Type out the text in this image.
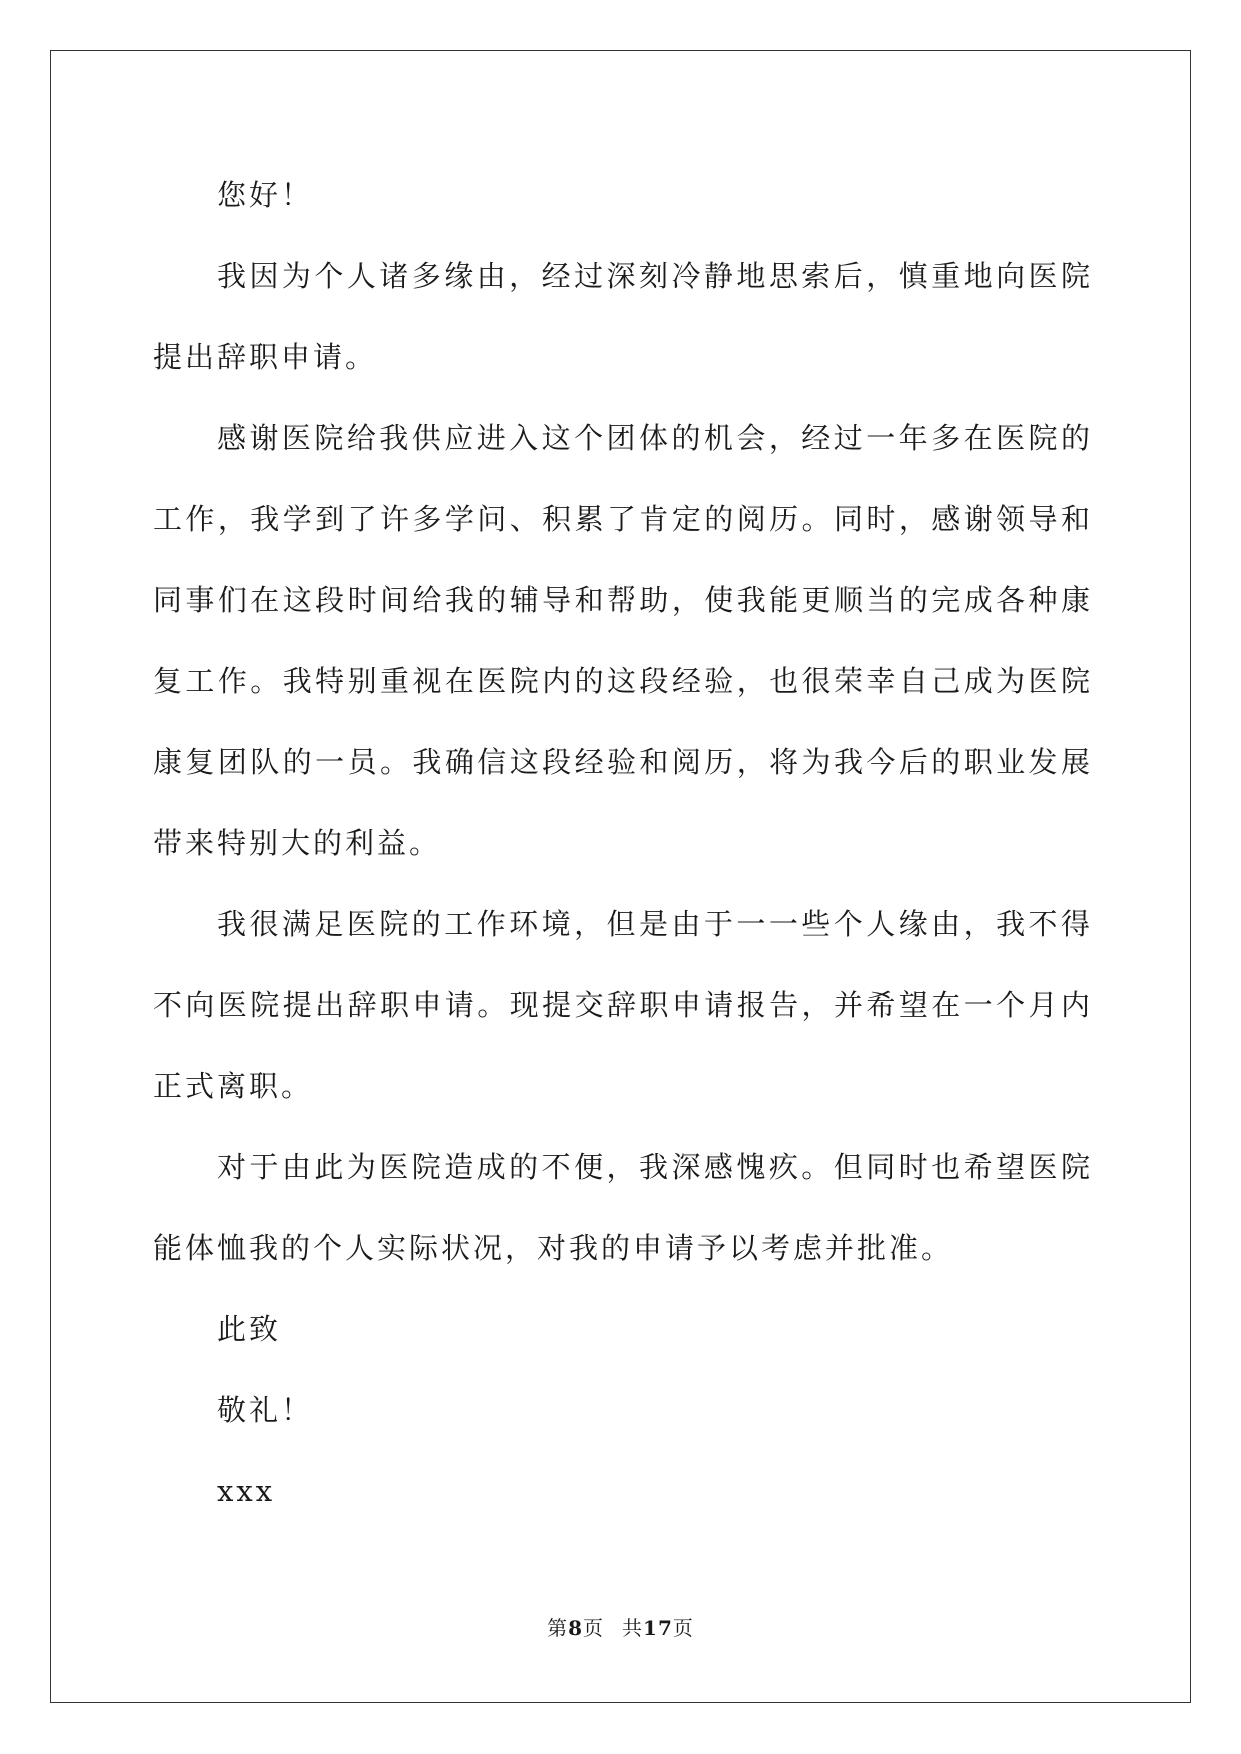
您好！

我因为个人诸多缘由，经过深刻冷静地思索后，慎重地向医院提出辞职申请。

感谢医院给我供应进入这个团体的机会，经过一年多在医院的工作，我学到了许多学问、积累了肯定的阅历。同时，感谢领导和同事们在这段时间给我的辅导和帮助，使我能更顺当的完成各种康复工作。我特别重视在医院内的这段经验，也很荣幸自己成为医院康复团队的一员。我确信这段经验和阅历，将为我今后的职业发展带来特别大的利益。

我很满足医院的工作环境，但是由于一一些个人缘由，我不得不向医院提出辞职申请。现提交辞职申请报告，并希望在一个月内正式离职。

对于由此为医院造成的不便，我深感愧疚。但同时也希望医院能体恤我的个人实际状况，对我的申请予以考虑并批准。

此致

敬礼！

xxx

第8页 共17页
